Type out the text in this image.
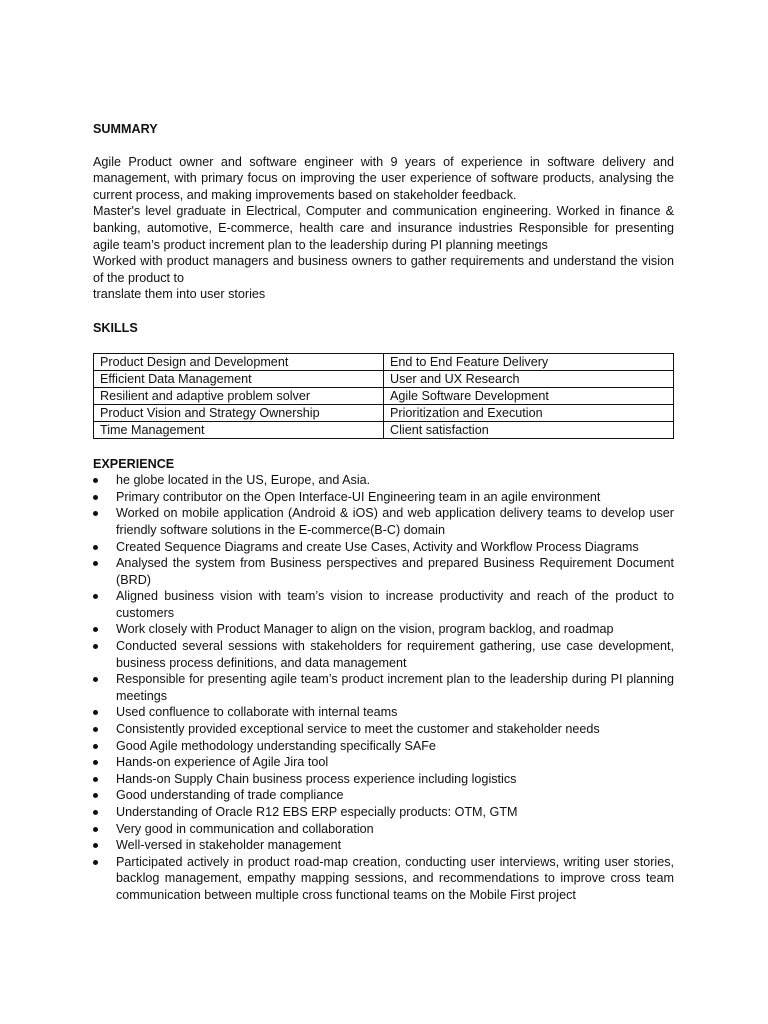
SUMMARY

Agile Product owner and software engineer with 9 years of experience in software delivery and management, with primary focus on improving the user experience of software products, analysing the current process, and making improvements based on stakeholder feedback.

Master's level graduate in Electrical, Computer and communication engineering. Worked in finance & banking, automotive, E-commerce, health care and insurance industries Responsible for presenting agile team’s product increment plan to the leadership during PI planning meetings

Worked with product managers and business owners to gather requirements and understand the vision of the product to

translate them into user stories

SKILLS

Product Design and Development	End to End Feature Delivery
Efficient Data Management	User and UX Research
Resilient and adaptive problem solver	Agile Software Development
Product Vision and Strategy Ownership	Prioritization and Execution
Time Management	Client satisfaction

EXPERIENCE

he globe located in the US, Europe, and Asia.
Primary contributor on the Open Interface-UI Engineering team in an agile environment
Worked on mobile application (Android & iOS) and web application delivery teams to develop user friendly software solutions in the E-commerce(B-C) domain
Created Sequence Diagrams and create Use Cases, Activity and Workflow Process Diagrams
Analysed the system from Business perspectives and prepared Business Requirement Document (BRD)
Aligned business vision with team’s vision to increase productivity and reach of the product to customers
Work closely with Product Manager to align on the vision, program backlog, and roadmap
Conducted several sessions with stakeholders for requirement gathering, use case development, business process definitions, and data management
Responsible for presenting agile team’s product increment plan to the leadership during PI planning meetings
Used confluence to collaborate with internal teams
Consistently provided exceptional service to meet the customer and stakeholder needs
Good Agile methodology understanding specifically SAFe
Hands-on experience of Agile Jira tool
Hands-on Supply Chain business process experience including logistics
Good understanding of trade compliance
Understanding of Oracle R12 EBS ERP especially products: OTM, GTM
Very good in communication and collaboration
Well-versed in stakeholder management
Participated actively in product road-map creation, conducting user interviews, writing user stories, backlog management, empathy mapping sessions, and recommendations to improve cross team communication between multiple cross functional teams on the Mobile First project
